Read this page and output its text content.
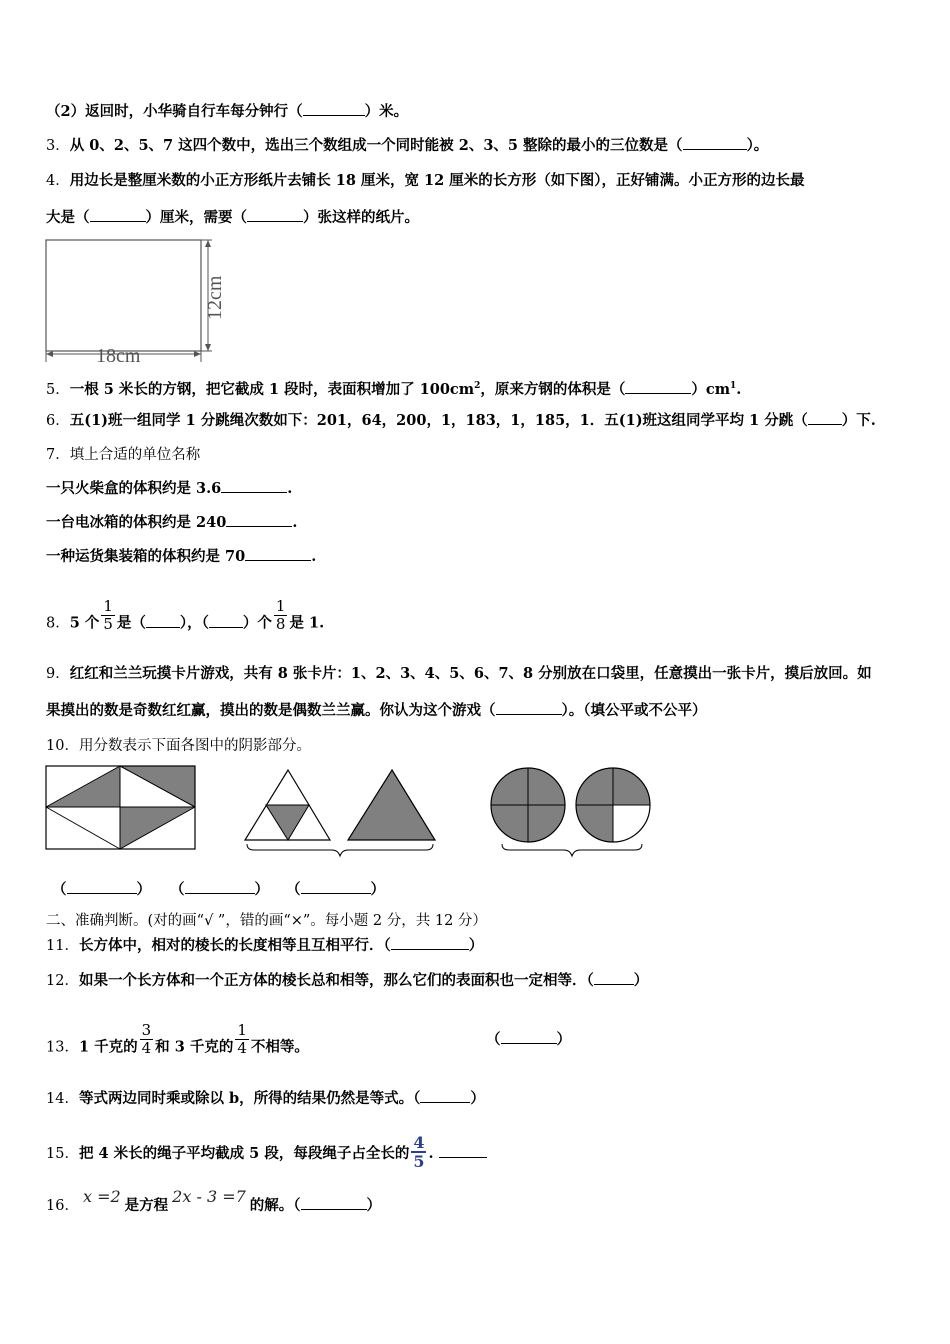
（2）返回时，小华骑自行车每分钟行（	）米。
3．从 0、2、5、7 这四个数中，选出三个数组成一个同时能被 2、3、5 整除的最小的三位数是（	）。
4．用边长是整厘米数的小正方形纸片去铺长 18 厘米，宽 12 厘米的长方形（如下图），正好铺满。小正方形的边长最
大是（	）厘米，需要（	）张这样的纸片。
18cm
12cm
5．一根 5 米长的方钢，把它截成 1 段时，表面积增加了 $100cm^2$，原来方钢的体积是（	）$cm^1$.
6．五(1)班一组同学 1 分跳绳次数如下：201，64，200，1，183，1，185，1．五(1)班这组同学平均 1 分跳（ ）下.
7．填上合适的单位名称
一只火柴盒的体积约是 3.6	.
一台电冰箱的体积约是 240	.
一种运货集装箱的体积约是 70	.
8．5 个 $\frac{1}{5}$ 是（ ），（ ）个 $\frac{1}{8}$ 是 1.
9．红红和兰兰玩摸卡片游戏，共有 8 张卡片：1、2、3、4、5、6、7、8 分别放在口袋里，任意摸出一张卡片，摸后放回。如
果摸出的数是奇数红红赢，摸出的数是偶数兰兰赢。你认为这个游戏（	）。（填公平或不公平）
10．用分数表示下面各图中的阴影部分。
（	） （	） （	）
二、准确判断。(对的画“√ ”，错的画“×”。每小题 2 分，共 12 分）
11．长方体中，相对的棱长的长度相等且互相平行．（	）
12．如果一个长方体和一个正方体的棱长总和相等，那么它们的表面积也一定相等．（	）
13．1 千克的 $\frac{3}{4}$ 和 3 千克的 $\frac{1}{4}$ 不相等。	（	）
14．等式两边同时乘或除以 b，所得的结果仍然是等式。（	）
15．把 4 米长的绳子平均截成 5 段，每段绳子占全长的 $\frac{4}{5}$ .
16． x =2 是方程 2x - 3 =7 的解。（	）
